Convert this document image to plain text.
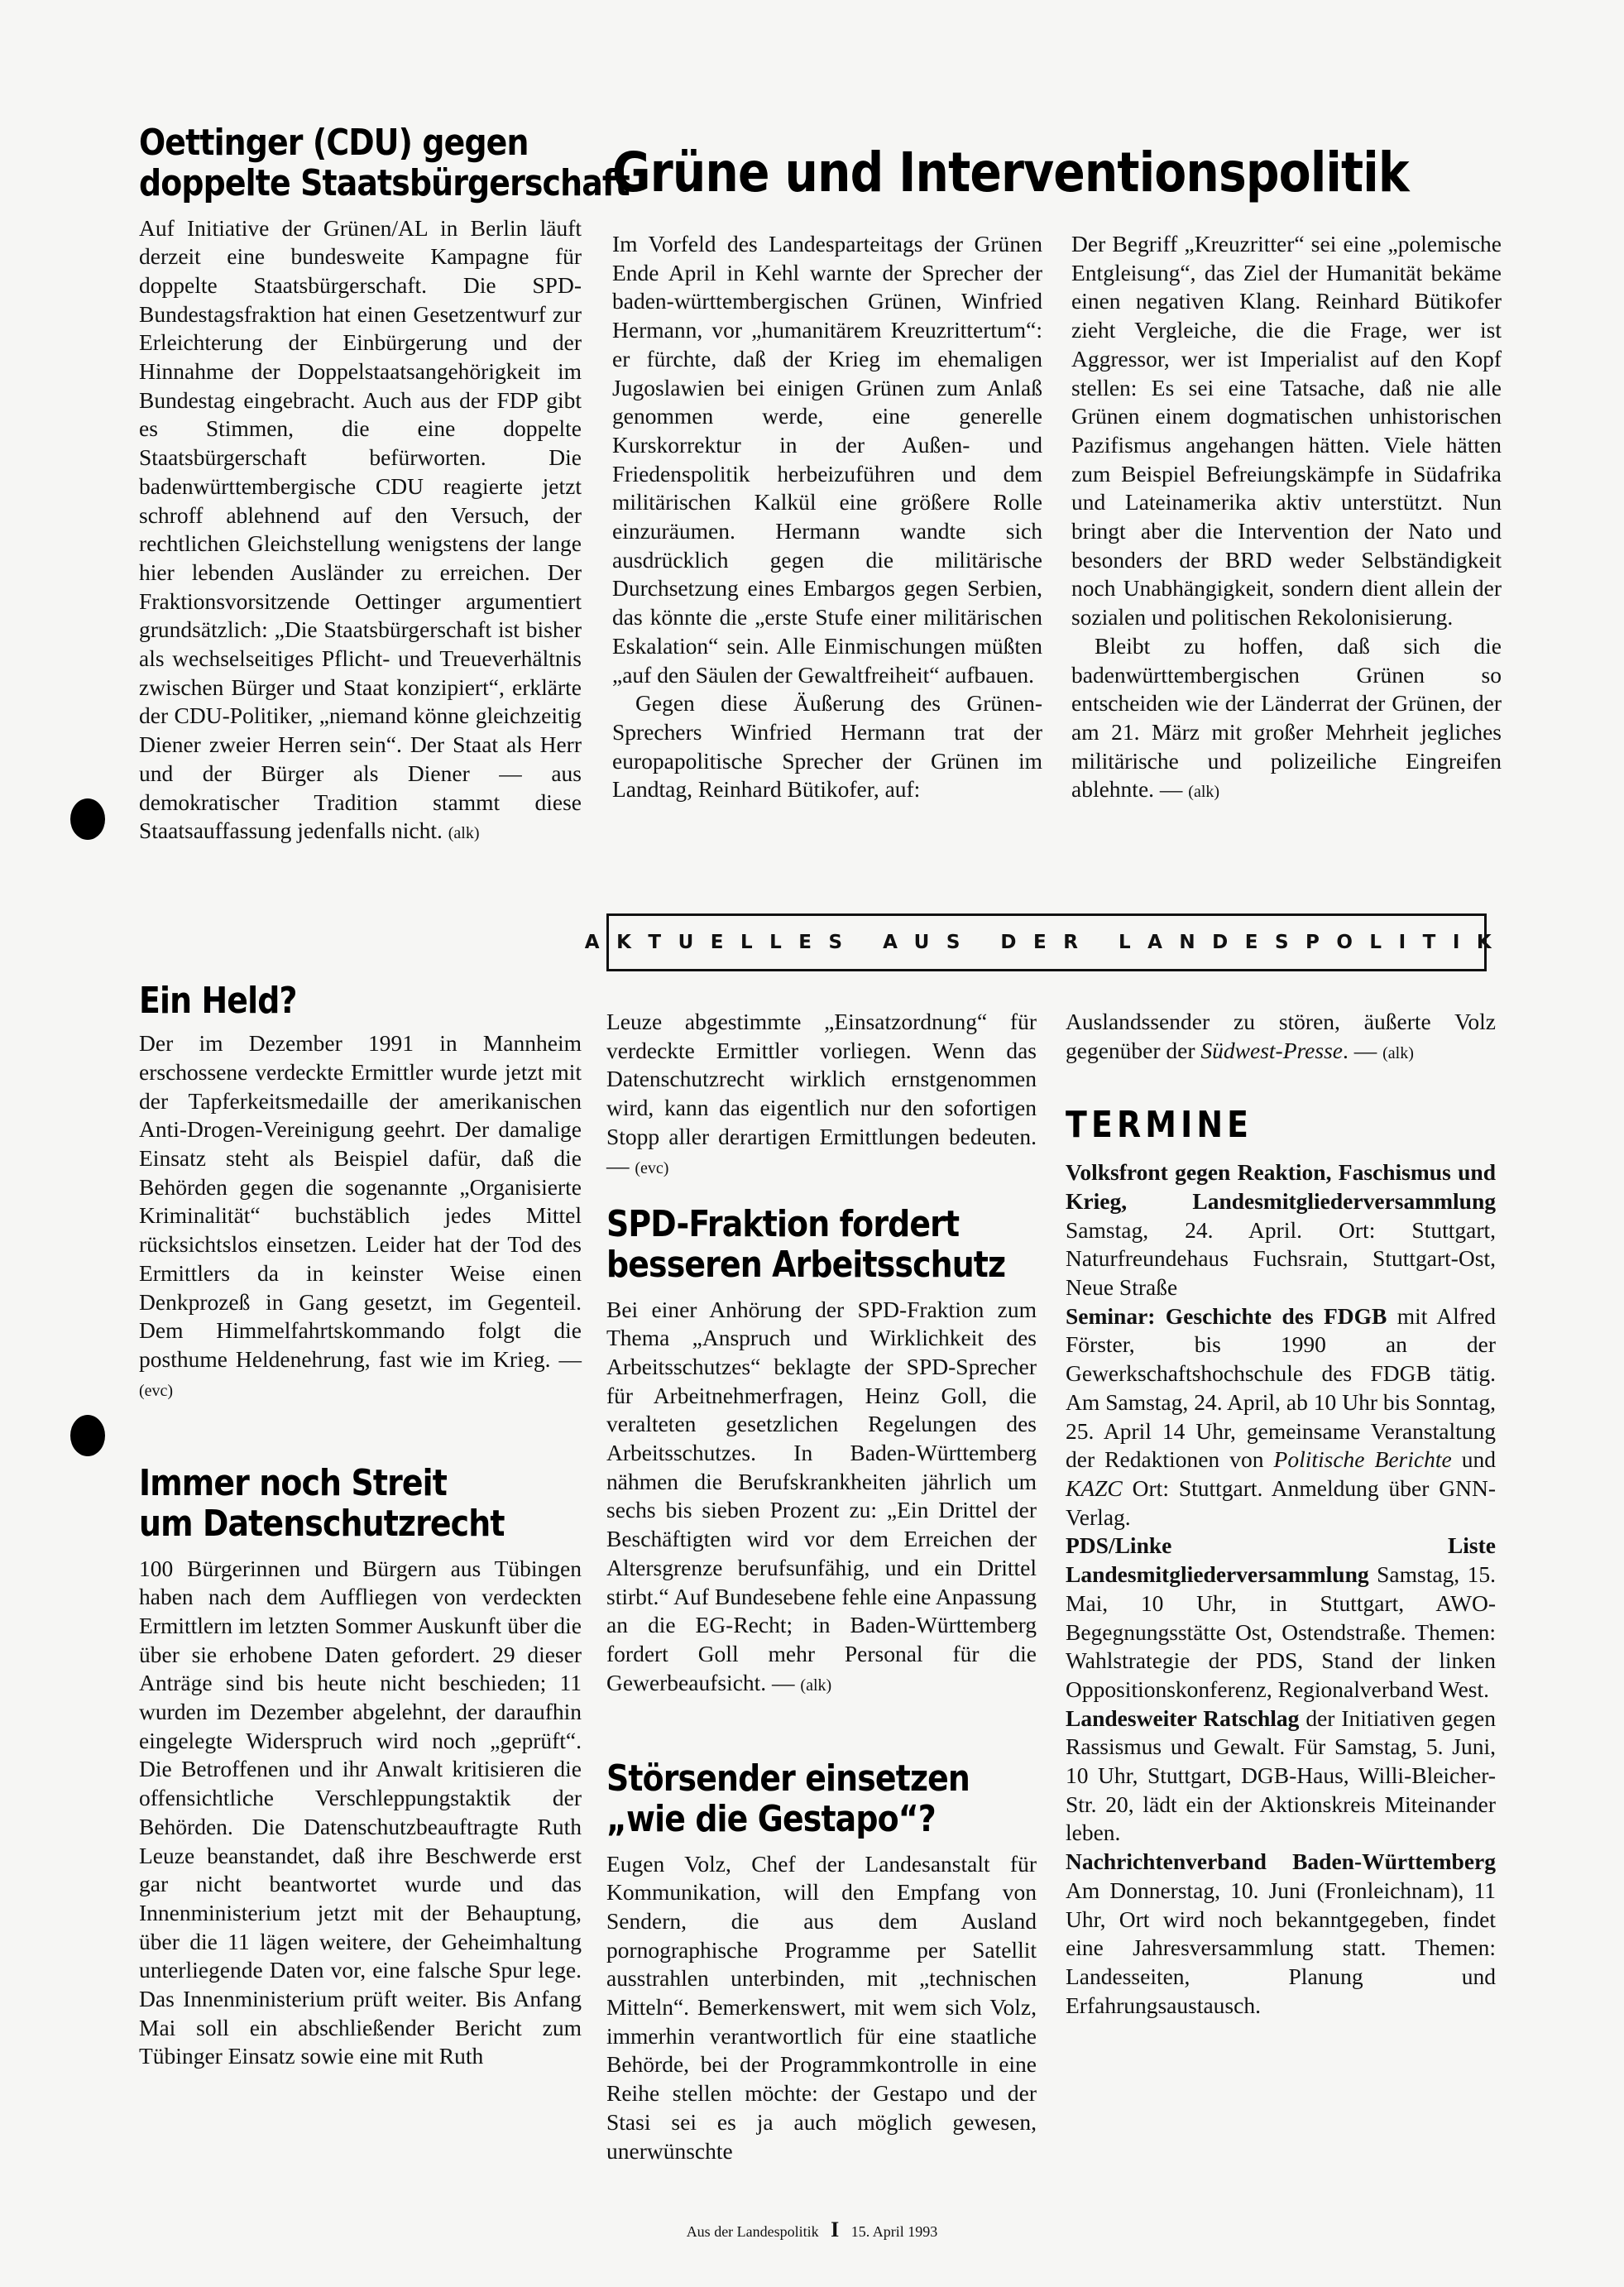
Oettinger (CDU) gegen
doppelte Staatsbürgerschaft

Auf Initiative der Grünen/AL in Berlin läuft derzeit eine bundesweite Kampagne für doppelte Staatsbürgerschaft. Die SPD-Bundestagsfraktion hat einen Gesetzentwurf zur Erleichterung der Einbürgerung und der Hinnahme der Doppelstaatsangehörigkeit im Bundestag eingebracht. Auch aus der FDP gibt es Stimmen, die eine doppelte Staatsbürgerschaft befürworten. Die badenwürttembergische CDU reagierte jetzt schroff ablehnend auf den Versuch, der rechtlichen Gleichstellung wenigstens der lange hier lebenden Ausländer zu erreichen. Der Fraktionsvorsitzende Oettinger argumentiert grundsätzlich: „Die Staatsbürgerschaft ist bisher als wechselseitiges Pflicht- und Treueverhältnis zwischen Bürger und Staat konzipiert“, erklärte der CDU-Politiker, „niemand könne gleichzeitig Diener zweier Herren sein“. Der Staat als Herr und der Bürger als Diener — aus demokratischer Tradition stammt diese Staatsauffassung jedenfalls nicht. (alk)

Grüne und Interventionspolitik

Im Vorfeld des Landesparteitags der Grünen Ende April in Kehl warnte der Sprecher der baden-württembergischen Grünen, Winfried Hermann, vor „humanitärem Kreuzrittertum“: er fürchte, daß der Krieg im ehemaligen Jugoslawien bei einigen Grünen zum Anlaß genommen werde, eine generelle Kurskorrektur in der Außen- und Friedenspolitik herbeizuführen und dem militärischen Kalkül eine größere Rolle einzuräumen. Hermann wandte sich ausdrücklich gegen die militärische Durchsetzung eines Embargos gegen Serbien, das könnte die „erste Stufe einer militärischen Eskalation“ sein. Alle Einmischungen müßten „auf den Säulen der Gewaltfreiheit“ aufbauen.

Gegen diese Äußerung des Grünen-Sprechers Winfried Hermann trat der europapolitische Sprecher der Grünen im Landtag, Reinhard Bütikofer, auf:

Der Begriff „Kreuzritter“ sei eine „polemische Entgleisung“, das Ziel der Humanität bekäme einen negativen Klang. Reinhard Bütikofer zieht Vergleiche, die die Frage, wer ist Aggressor, wer ist Imperialist auf den Kopf stellen: Es sei eine Tatsache, daß nie alle Grünen einem dogmatischen unhistorischen Pazifismus angehangen hätten. Viele hätten zum Beispiel Befreiungskämpfe in Südafrika und Lateinamerika aktiv unterstützt. Nun bringt aber die Intervention der Nato und besonders der BRD weder Selbständigkeit noch Unabhängigkeit, sondern dient allein der sozialen und politischen Rekolonisierung.

Bleibt zu hoffen, daß sich die badenwürttembergischen Grünen so entscheiden wie der Länderrat der Grünen, der am 21. März mit großer Mehrheit jegliches militärische und polizeiliche Eingreifen ablehnte. — (alk)

AKTUELLES AUS DER LANDESPOLITIK
Ein Held?

Der im Dezember 1991 in Mannheim erschossene verdeckte Ermittler wurde jetzt mit der Tapferkeitsmedaille der amerikanischen Anti-Drogen-Vereinigung geehrt. Der damalige Einsatz steht als Beispiel dafür, daß die Behörden gegen die sogenannte „Organisierte Kriminalität“ buchstäblich jedes Mittel rücksichtslos einsetzen. Leider hat der Tod des Ermittlers da in keinster Weise einen Denkprozeß in Gang gesetzt, im Gegenteil. Dem Himmelfahrtskommando folgt die posthume Heldenehrung, fast wie im Krieg. — (evc)

Immer noch Streit
um Datenschutzrecht

100 Bürgerinnen und Bürgern aus Tübingen haben nach dem Auffliegen von verdeckten Ermittlern im letzten Sommer Auskunft über die über sie erhobene Daten gefordert. 29 dieser Anträge sind bis heute nicht beschieden; 11 wurden im Dezember abgelehnt, der daraufhin eingelegte Widerspruch wird noch „geprüft“. Die Betroffenen und ihr Anwalt kritisieren die offensichtliche Verschleppungstaktik der Behörden. Die Datenschutzbeauftragte Ruth Leuze beanstandet, daß ihre Beschwerde erst gar nicht beantwortet wurde und das Innenministerium jetzt mit der Behauptung, über die 11 lägen weitere, der Geheimhaltung unterliegende Daten vor, eine falsche Spur lege. Das Innenministerium prüft weiter. Bis Anfang Mai soll ein abschließender Bericht zum Tübinger Einsatz sowie eine mit Ruth

Leuze abgestimmte „Einsatzordnung“ für verdeckte Ermittler vorliegen. Wenn das Datenschutzrecht wirklich ernstgenommen wird, kann das eigentlich nur den sofortigen Stopp aller derartigen Ermittlungen bedeuten. — (evc)

SPD-Fraktion fordert
besseren Arbeitsschutz

Bei einer Anhörung der SPD-Fraktion zum Thema „Anspruch und Wirklichkeit des Arbeitsschutzes“ beklagte der SPD-Sprecher für Arbeitnehmerfragen, Heinz Goll, die veralteten gesetzlichen Regelungen des Arbeitsschutzes. In Baden-Württemberg nähmen die Berufskrankheiten jährlich um sechs bis sieben Prozent zu: „Ein Drittel der Beschäftigten wird vor dem Erreichen der Altersgrenze berufsunfähig, und ein Drittel stirbt.“ Auf Bundesebene fehle eine Anpassung an die EG-Recht; in Baden-Württemberg fordert Goll mehr Personal für die Gewerbeaufsicht. — (alk)

Störsender einsetzen
„wie die Gestapo“?

Eugen Volz, Chef der Landesanstalt für Kommunikation, will den Empfang von Sendern, die aus dem Ausland pornographische Programme per Satellit ausstrahlen unterbinden, mit „technischen Mitteln“. Bemerkenswert, mit wem sich Volz, immerhin verantwortlich für eine staatliche Behörde, bei der Programmkontrolle in eine Reihe stellen möchte: der Gestapo und der Stasi sei es ja auch möglich gewesen, unerwünschte

Auslandssender zu stören, äußerte Volz gegenüber der Südwest-Presse. — (alk)

TERMINE

Volksfront gegen Reaktion, Faschismus und Krieg, Landesmitgliederversammlung Samstag, 24. April. Ort: Stuttgart, Naturfreundehaus Fuchsrain, Stuttgart-Ost, Neue Straße

Seminar: Geschichte des FDGB mit Alfred Förster, bis 1990 an der Gewerkschaftshochschule des FDGB tätig. Am Samstag, 24. April, ab 10 Uhr bis Sonntag, 25. April 14 Uhr, gemeinsame Veranstaltung der Redaktionen von Politische Berichte und KAZC Ort: Stuttgart. Anmeldung über GNN-Verlag.

PDS/Linke Liste Landesmitgliederversammlung Samstag, 15. Mai, 10 Uhr, in Stuttgart, AWO-Begegnungsstätte Ost, Ostendstraße. Themen: Wahlstrategie der PDS, Stand der linken Oppositionskonferenz, Regionalverband West.

Landesweiter Ratschlag der Initiativen gegen Rassismus und Gewalt. Für Samstag, 5. Juni, 10 Uhr, Stuttgart, DGB-Haus, Willi-Bleicher-Str. 20, lädt ein der Aktionskreis Miteinander leben.

Nachrichtenverband Baden-Württemberg Am Donnerstag, 10. Juni (Fronleichnam), 11 Uhr, Ort wird noch bekanntgegeben, findet eine Jahresversammlung statt. Themen: Landesseiten, Planung und Erfahrungsaustausch.

Aus der Landespolitik I 15. April 1993
